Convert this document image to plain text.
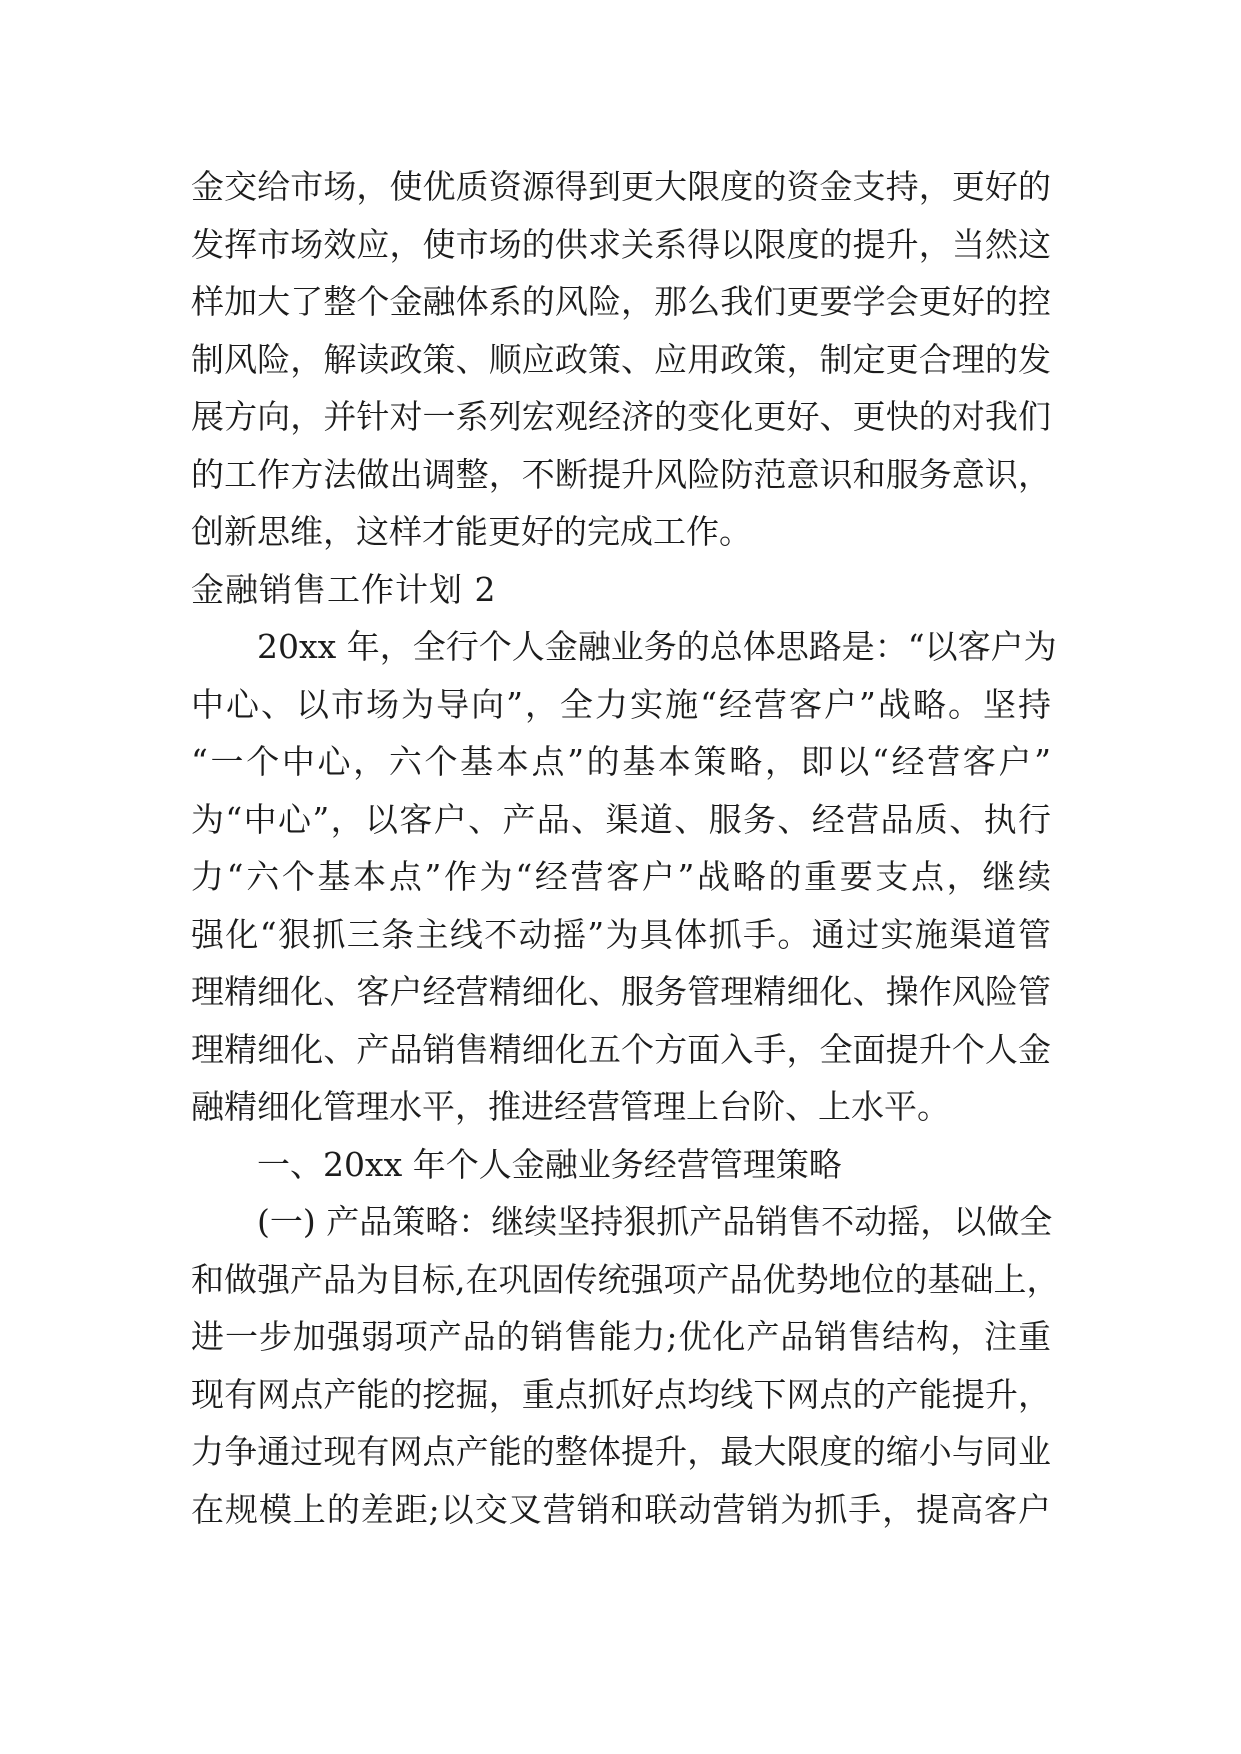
金交给市场，使优质资源得到更大限度的资金支持，更好的
发挥市场效应，使市场的供求关系得以限度的提升，当然这
样加大了整个金融体系的风险，那么我们更要学会更好的控
制风险，解读政策、顺应政策、应用政策，制定更合理的发
展方向，并针对一系列宏观经济的变化更好、更快的对我们
的工作方法做出调整，不断提升风险防范意识和服务意识，
创新思维，这样才能更好的完成工作。
金融销售工作计划 2
20xx 年，全行个人金融业务的总体思路是：“以客户为
中心、以市场为导向”，全力实施“经营客户”战略。坚持
“一个中心，六个基本点”的基本策略，即以“经营客户”
为“中心”，以客户、产品、渠道、服务、经营品质、执行
力“六个基本点”作为“经营客户”战略的重要支点，继续
强化“狠抓三条主线不动摇”为具体抓手。通过实施渠道管
理精细化、客户经营精细化、服务管理精细化、操作风险管
理精细化、产品销售精细化五个方面入手，全面提升个人金
融精细化管理水平，推进经营管理上台阶、上水平。
一、20xx 年个人金融业务经营管理策略
(一) 产品策略：继续坚持狠抓产品销售不动摇，以做全
和做强产品为目标,在巩固传统强项产品优势地位的基础上，
进一步加强弱项产品的销售能力;优化产品销售结构，注重
现有网点产能的挖掘，重点抓好点均线下网点的产能提升，
力争通过现有网点产能的整体提升，最大限度的缩小与同业
在规模上的差距;以交叉营销和联动营销为抓手，提高客户
